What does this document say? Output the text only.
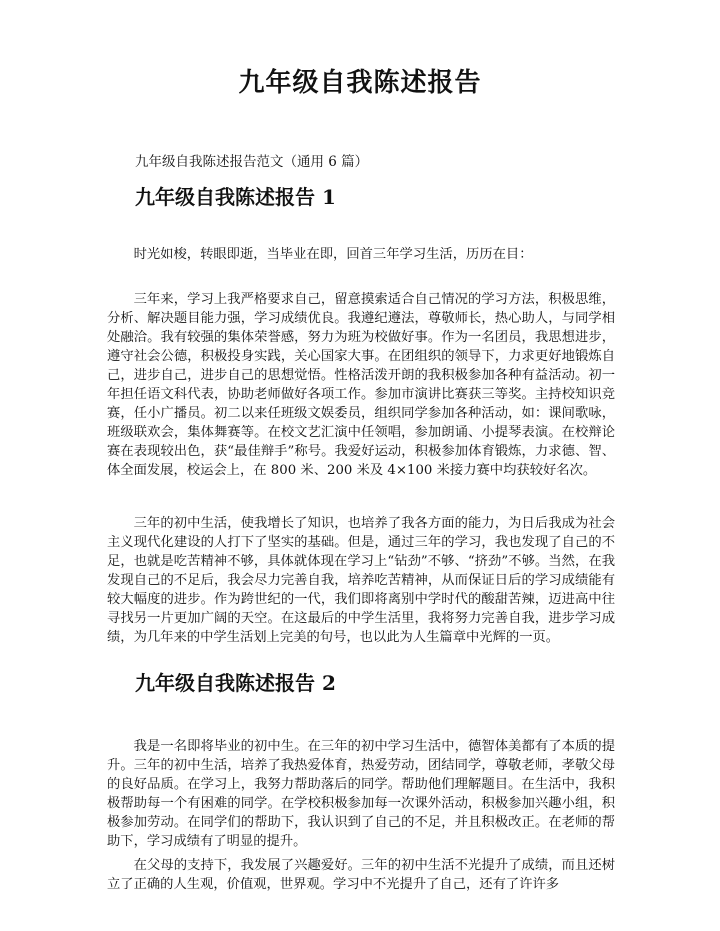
九年级自我陈述报告

九年级自我陈述报告范文（通用 6 篇）

九年级自我陈述报告 1

时光如梭，转眼即逝，当毕业在即，回首三年学习生活，历历在目：

三年来，学习上我严格要求自己，留意摸索适合自己情况的学习方法，积极思维，分析、解决题目能力强，学习成绩优良。我遵纪遵法，尊敬师长，热心助人，与同学相处融洽。我有较强的集体荣誉感，努力为班为校做好事。作为一名团员，我思想进步，遵守社会公德，积极投身实践，关心国家大事。在团组织的领导下，力求更好地锻炼自己，进步自己，进步自己的思想觉悟。性格活泼开朗的我积极参加各种有益活动。初一年担任语文科代表，协助老师做好各项工作。参加市演讲比赛获三等奖。主持校知识竞赛，任小广播员。初二以来任班级文娱委员，组织同学参加各种活动，如：课间歌咏，班级联欢会，集体舞赛等。在校文艺汇演中任领唱，参加朗诵、小提琴表演。在校辩论赛在表现较出色，获“最佳辩手”称号。我爱好运动，积极参加体育锻炼，力求德、智、体全面发展，校运会上，在 800 米、200 米及 4×100 米接力赛中均获较好名次。

三年的初中生活，使我增长了知识，也培养了我各方面的能力，为日后我成为社会主义现代化建设的人打下了坚实的基础。但是，通过三年的学习，我也发现了自己的不足，也就是吃苦精神不够，具体就体现在学习上“钻劲”不够、“挤劲”不够。当然，在我发现自己的不足后，我会尽力完善自我，培养吃苦精神，从而保证日后的学习成绩能有较大幅度的进步。作为跨世纪的一代，我们即将离别中学时代的酸甜苦辣，迈进高中往寻找另一片更加广阔的天空。在这最后的中学生活里，我将努力完善自我，进步学习成绩，为几年来的中学生活划上完美的句号，也以此为人生篇章中光辉的一页。

九年级自我陈述报告 2

我是一名即将毕业的初中生。在三年的初中学习生活中，德智体美都有了本质的提升。三年的初中生活，培养了我热爱体育，热爱劳动，团结同学，尊敬老师，孝敬父母的良好品质。在学习上，我努力帮助落后的同学。帮助他们理解题目。在生活中，我积极帮助每一个有困难的同学。在学校积极参加每一次课外活动，积极参加兴趣小组，积极参加劳动。在同学们的帮助下，我认识到了自己的不足，并且积极改正。在老师的帮助下，学习成绩有了明显的提升。

在父母的支持下，我发展了兴趣爱好。三年的初中生活不光提升了成绩，而且还树立了正确的人生观，价值观，世界观。学习中不光提升了自己，还有了许许多
